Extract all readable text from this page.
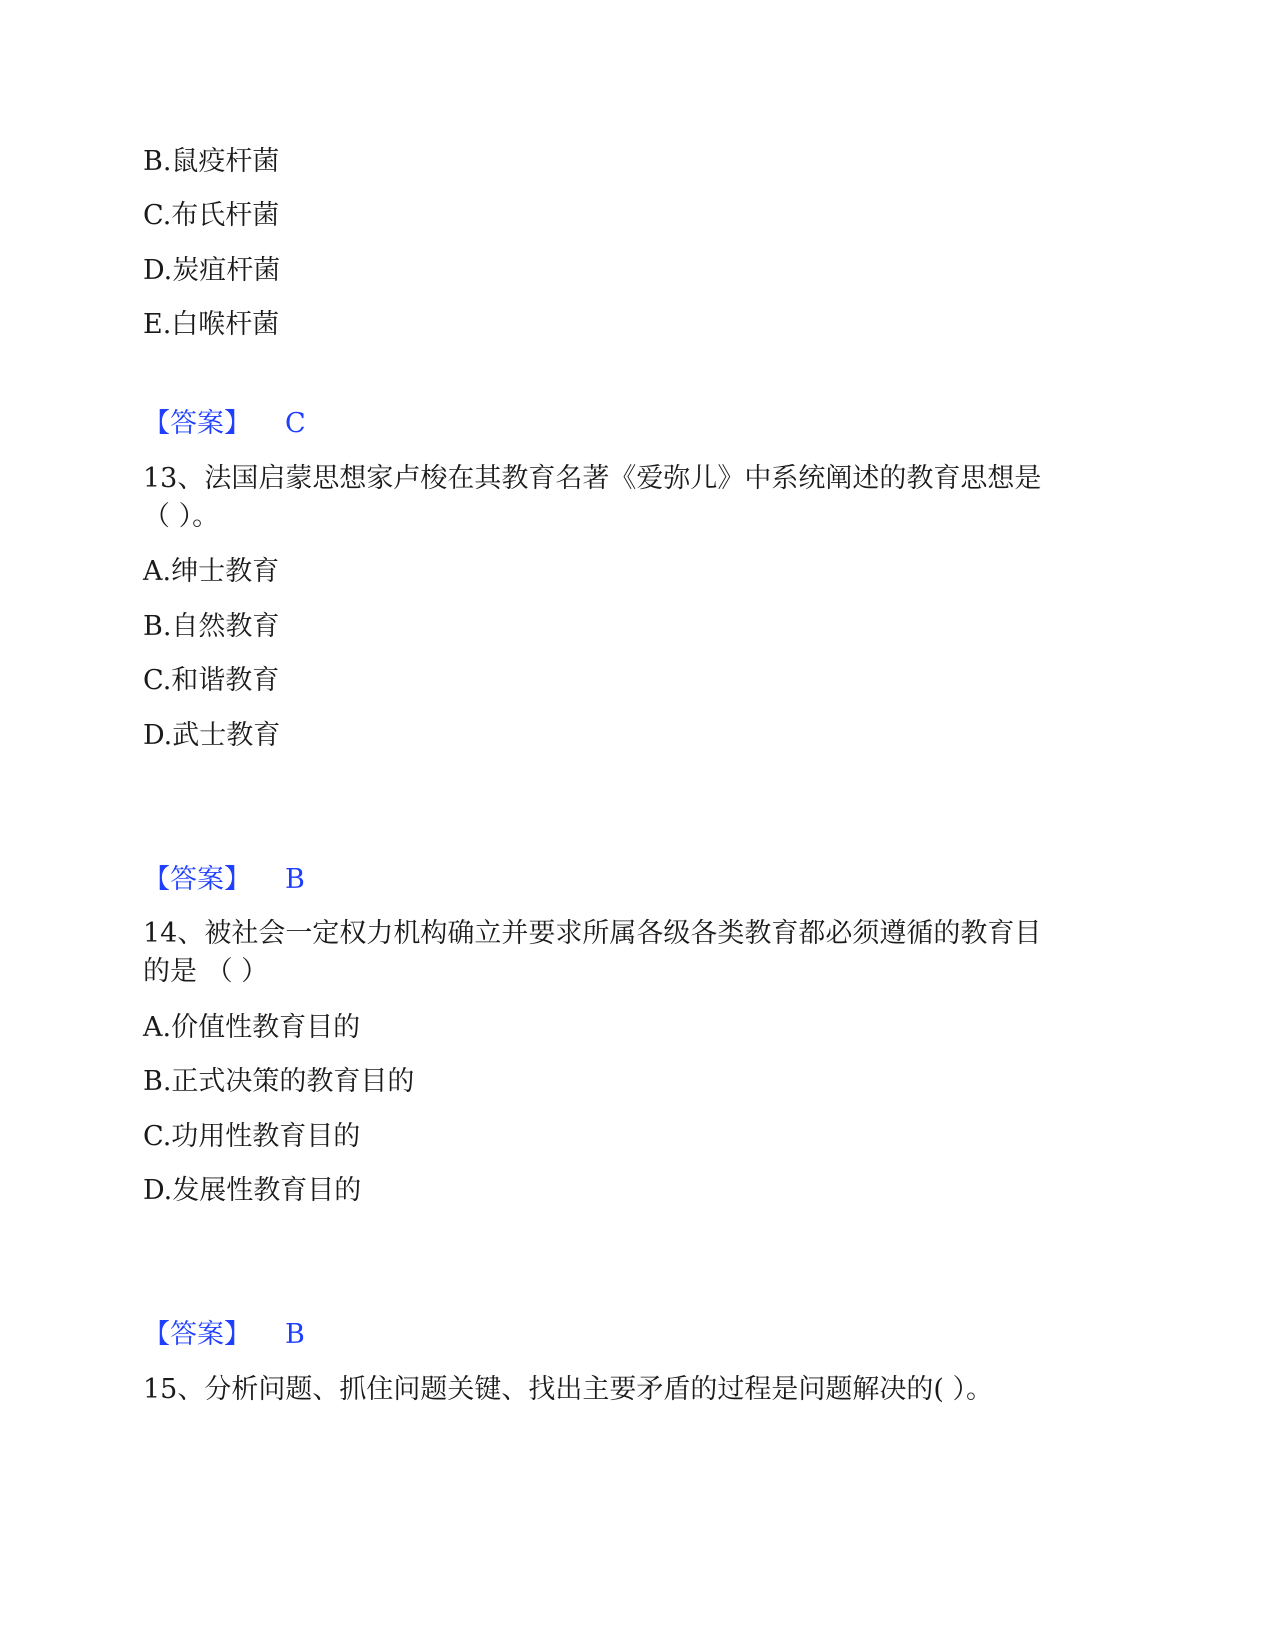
B.鼠疫杆菌
C.布氏杆菌
D.炭疽杆菌
E.白喉杆菌
【答案】 C
13、法国启蒙思想家卢梭在其教育名著《爱弥儿》中系统阐述的教育思想是
（ ）。
A.绅士教育
B.自然教育
C.和谐教育
D.武士教育
【答案】 B
14、被社会一定权力机构确立并要求所属各级各类教育都必须遵循的教育目
的是 （ ）
A.价值性教育目的
B.正式决策的教育目的
C.功用性教育目的
D.发展性教育目的
【答案】 B
15、分析问题、抓住问题关键、找出主要矛盾的过程是问题解决的( ）。
